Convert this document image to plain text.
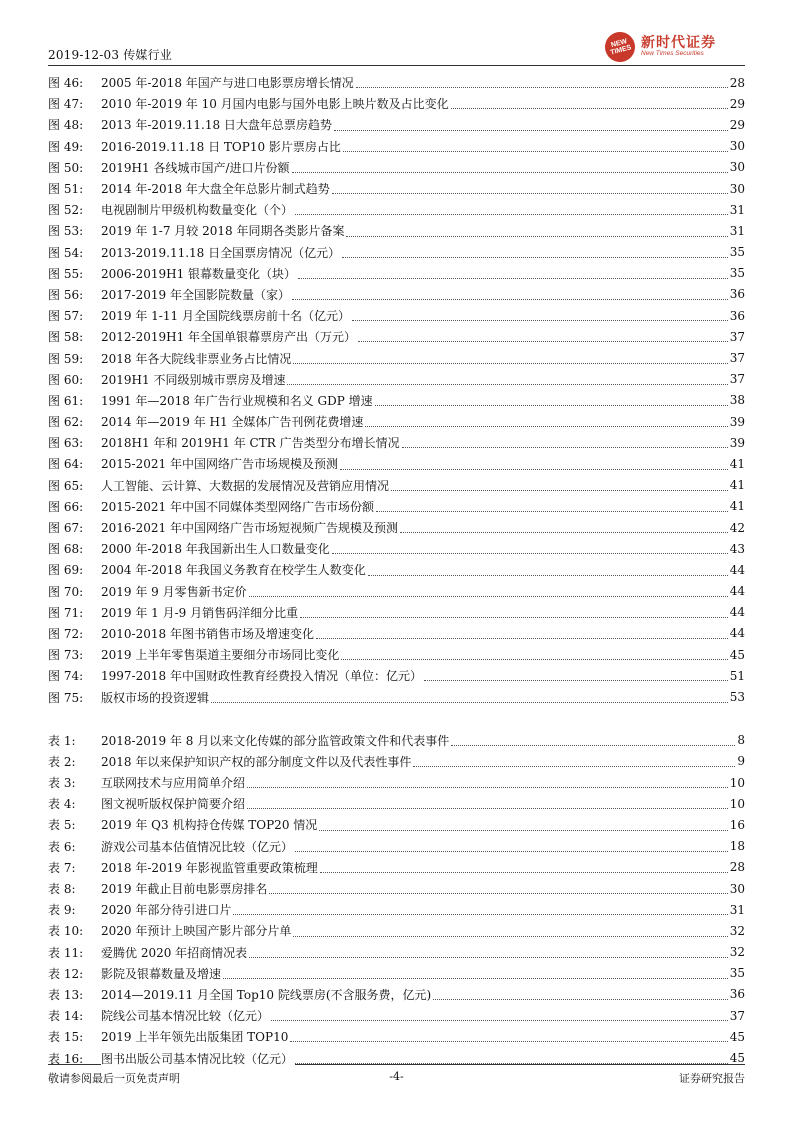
2019-12-03 传媒行业
NEW TIMES 新时代证券
New Times Securities
图 46:	2005 年-2018 年国产与进口电影票房增长情况	28
图 47:	2010 年-2019 年 10 月国内电影与国外电影上映片数及占比变化	29
图 48:	2013 年-2019.11.18 日大盘年总票房趋势	29
图 49:	2016-2019.11.18 日 TOP10 影片票房占比	30
图 50:	2019H1 各线城市国产/进口片份额	30
图 51:	2014 年-2018 年大盘全年总影片制式趋势	30
图 52:	电视剧制片甲级机构数量变化（个）	31
图 53:	2019 年 1-7 月较 2018 年同期各类影片备案	31
图 54:	2013-2019.11.18 日全国票房情况（亿元）	35
图 55:	2006-2019H1 银幕数量变化（块）	35
图 56:	2017-2019 年全国影院数量（家）	36
图 57:	2019 年 1-11 月全国院线票房前十名（亿元）	36
图 58:	2012-2019H1 年全国单银幕票房产出（万元）	37
图 59:	2018 年各大院线非票业务占比情况	37
图 60:	2019H1 不同级别城市票房及增速	37
图 61:	1991 年—2018 年广告行业规模和名义 GDP 增速	38
图 62:	2014 年—2019 年 H1 全媒体广告刊例花费增速	39
图 63:	2018H1 年和 2019H1 年 CTR 广告类型分布增长情况	39
图 64:	2015-2021 年中国网络广告市场规模及预测	41
图 65:	人工智能、云计算、大数据的发展情况及营销应用情况	41
图 66:	2015-2021 年中国不同媒体类型网络广告市场份额	41
图 67:	2016-2021 年中国网络广告市场短视频广告规模及预测	42
图 68:	2000 年-2018 年我国新出生人口数量变化	43
图 69:	2004 年-2018 年我国义务教育在校学生人数变化	44
图 70:	2019 年 9 月零售新书定价	44
图 71:	2019 年 1 月-9 月销售码洋细分比重	44
图 72:	2010-2018 年图书销售市场及增速变化	44
图 73:	2019 上半年零售渠道主要细分市场同比变化	45
图 74:	1997-2018 年中国财政性教育经费投入情况（单位：亿元）	51
图 75:	版权市场的投资逻辑	53
表 1:	2018-2019 年 8 月以来文化传媒的部分监管政策文件和代表事件	8
表 2:	2018 年以来保护知识产权的部分制度文件以及代表性事件	9
表 3:	互联网技术与应用简单介绍	10
表 4:	图文视听版权保护简要介绍	10
表 5:	2019 年 Q3 机构持仓传媒 TOP20 情况	16
表 6:	游戏公司基本估值情况比较（亿元）	18
表 7:	2018 年-2019 年影视监管重要政策梳理	28
表 8:	2019 年截止目前电影票房排名	30
表 9:	2020 年部分待引进口片	31
表 10:	2020 年预计上映国产影片部分片单	32
表 11:	爱腾优 2020 年招商情况表	32
表 12:	影院及银幕数量及增速	35
表 13:	2014—2019.11 月全国 Top10 院线票房(不含服务费，亿元)	36
表 14:	院线公司基本情况比较（亿元）	37
表 15:	2019 上半年领先出版集团 TOP10	45
表 16:	图书出版公司基本情况比较（亿元）	45
敬请参阅最后一页免责声明	-4-	证券研究报告
